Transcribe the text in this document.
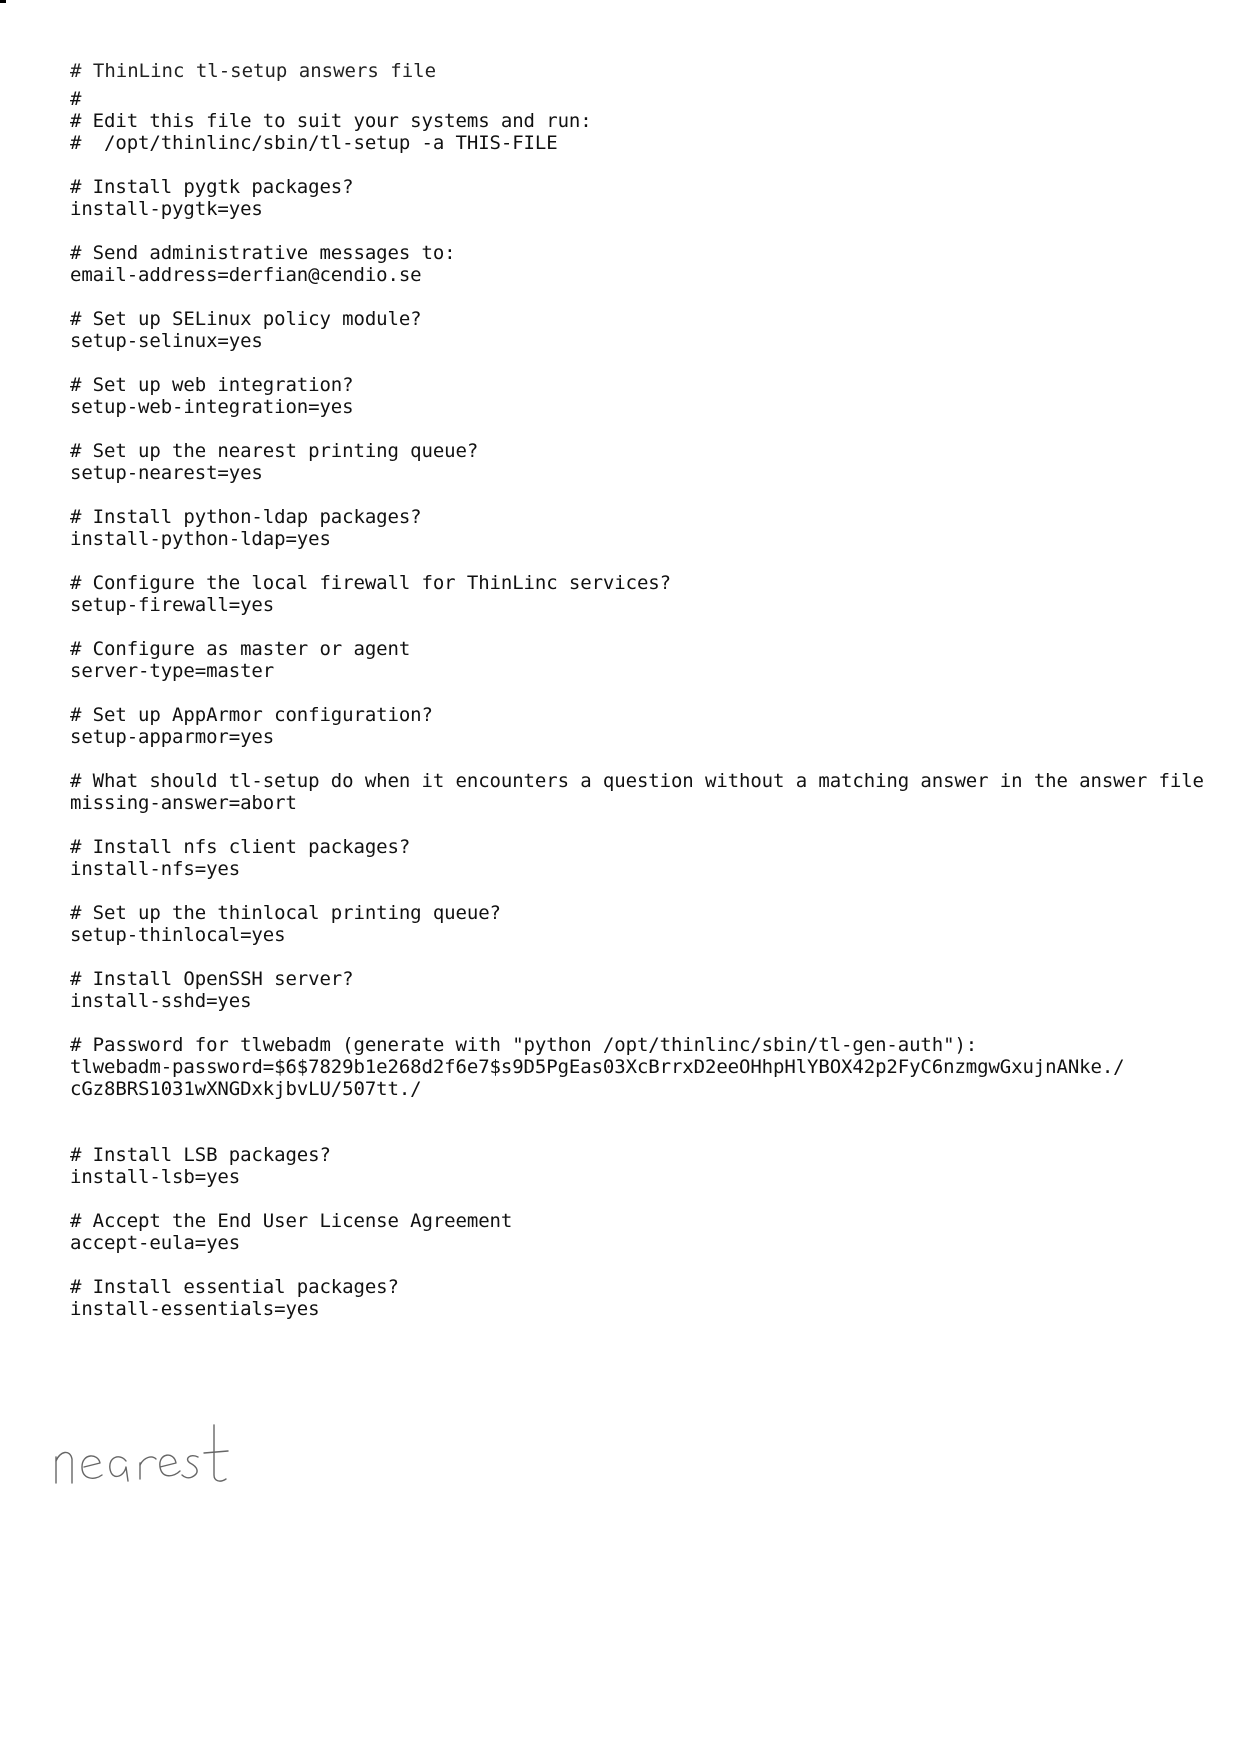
# ThinLinc tl-setup answers file
#
# Edit this file to suit your systems and run:
#  /opt/thinlinc/sbin/tl-setup -a THIS-FILE
# Install pygtk packages?
install-pygtk=yes
# Send administrative messages to:
email-address=derfian@cendio.se
# Set up SELinux policy module?
setup-selinux=yes
# Set up web integration?
setup-web-integration=yes
# Set up the nearest printing queue?
setup-nearest=yes
# Install python-ldap packages?
install-python-ldap=yes
# Configure the local firewall for ThinLinc services?
setup-firewall=yes
# Configure as master or agent
server-type=master
# Set up AppArmor configuration?
setup-apparmor=yes
# What should tl-setup do when it encounters a question without a matching answer in the answer file
missing-answer=abort
# Install nfs client packages?
install-nfs=yes
# Set up the thinlocal printing queue?
setup-thinlocal=yes
# Install OpenSSH server?
install-sshd=yes
# Password for tlwebadm (generate with "python /opt/thinlinc/sbin/tl-gen-auth"):
tlwebadm-password=$6$7829b1e268d2f6e7$s9D5PgEas03XcBrrxD2eeOHhpHlYBOX42p2FyC6nzmgwGxujnANke./
cGz8BRS1031wXNGDxkjbvLU/507tt./
# Install LSB packages?
install-lsb=yes
# Accept the End User License Agreement
accept-eula=yes
# Install essential packages?
install-essentials=yes
